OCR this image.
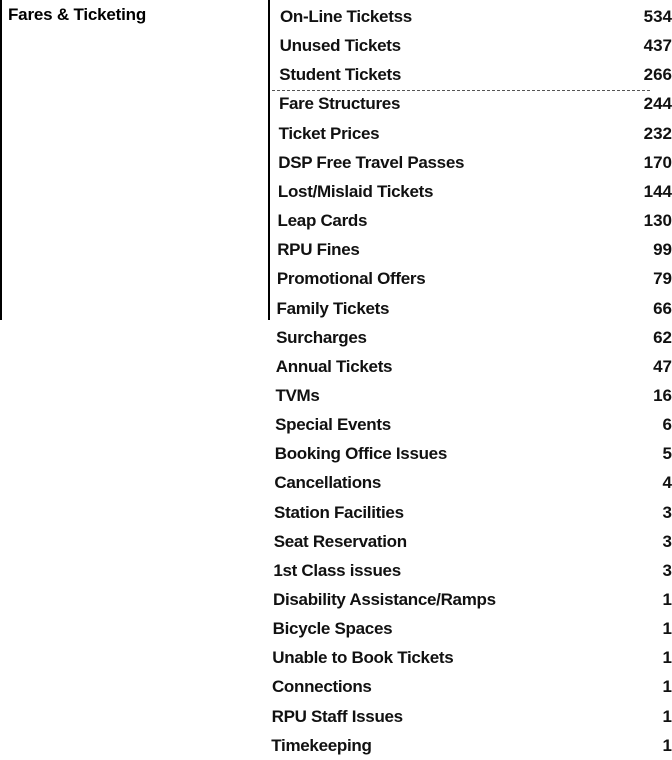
Fares & Ticketing	On-Line Ticketss	534
Unused Tickets	437
Student Tickets	266
Fare Structures	244
Ticket Prices	232
DSP Free Travel Passes	170
Lost/Mislaid Tickets	144
Leap Cards	130
RPU Fines	99
Promotional Offers	79
Family Tickets	66
Surcharges	62
Annual Tickets	47
TVMs	16
Special Events	6
Booking Office Issues	5
Cancellations	4
Station Facilities	3
Seat Reservation	3
1st Class issues	3
Disability Assistance/Ramps	1
Bicycle Spaces	1
Unable to Book Tickets	1
Connections	1
RPU Staff Issues	1
Timekeeping	1
